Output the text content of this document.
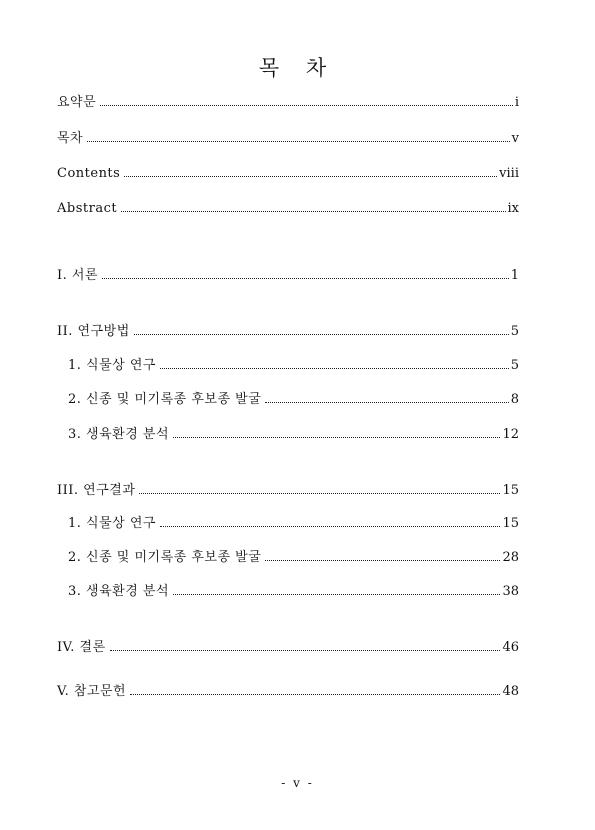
목 차
요약문	i
목차	v
Contents	viii
Abstract	ix
I. 서론	1
II. 연구방법	5
1. 식물상 연구	5
2. 신종 및 미기록종 후보종 발굴	8
3. 생육환경 분석	12
III. 연구결과	15
1. 식물상 연구	15
2. 신종 및 미기록종 후보종 발굴	28
3. 생육환경 분석	38
IV. 결론	46
V. 참고문헌	48
- v -
